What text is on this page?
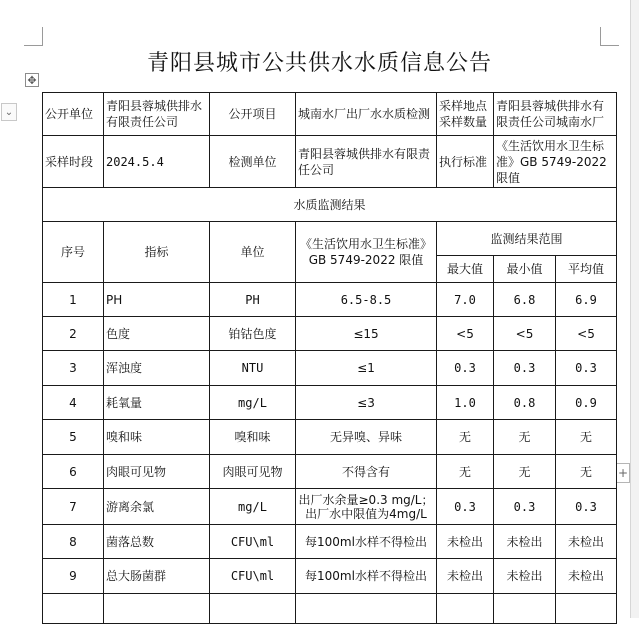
⌄
✥
+
青阳县城市公共供水水质信息公告
公开单位	青阳县蓉城供排水有限责任公司	公开项目	城南水厂出厂水水质检测	采样地点采样数量	青阳县蓉城供排水有限责任公司城南水厂	
采样时段	2024.5.4	检测单位	青阳县蓉城供排水有限责任公司	执行标准	《生活饮用水卫生标准》GB 5749-2022 限值	
水质监测结果						
序号	指标	单位	《生活饮用水卫生标准》GB 5749-2022 限值	监测结果范围		
				最大值	最小值	平均值
1	PH	PH	6.5-8.5	7.0	6.8	6.9
2	色度	铂钴色度	≤15	<5	<5	<5
3	浑浊度	NTU	≤1	0.3	0.3	0.3
4	耗氧量	mg/L	≤3	1.0	0.8	0.9
5	嗅和味	嗅和味	无异嗅、异味	无	无	无
6	肉眼可见物	肉眼可见物	不得含有	无	无	无
7	游离余氯	mg/L	出厂水余量≥0.3 mg/L；出厂水中限值为4mg/L	0.3	0.3	0.3
8	菌落总数	CFU\ml	每100ml水样不得检出	未检出	未检出	未检出
9	总大肠菌群	CFU\ml	每100ml水样不得检出	未检出	未检出	未检出
